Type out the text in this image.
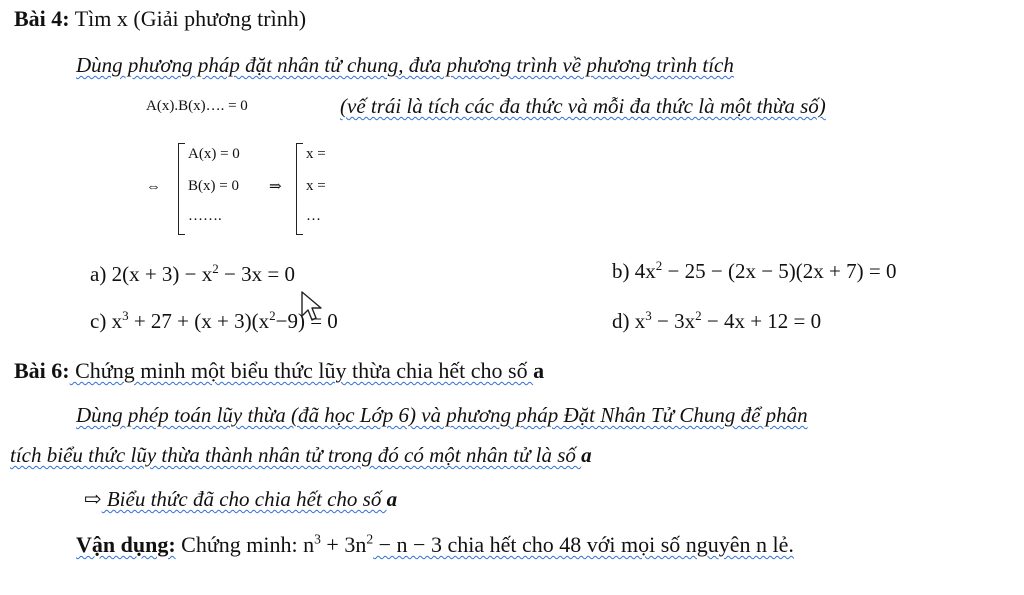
Bài 4: Tìm x (Giải phương trình)
Dùng phương pháp đặt nhân tử chung, đưa phương trình về phương trình tích
A(x).B(x)…. = 0	(vế trái là tích các đa thức và mỗi đa thức là một thừa số)
⇔
A(x) = 0
B(x) = 0
…….
⇒
x =
x =
…
a) $2(x + 3) - x^2 - 3x = 0$	b) $4x^2 - 25 - (2x - 5)(2x + 7) = 0$
c) $x^3 + 27 + (x + 3)(x^2-9) = 0$	d) $x^3 - 3x^2 - 4x + 12 = 0$
Bài 6: Chứng minh một biểu thức lũy thừa chia hết cho số a
Dùng phép toán lũy thừa (đã học Lớp 6) và phương pháp Đặt Nhân Tử Chung để phân
tích biểu thức lũy thừa thành nhân tử trong đó có một nhân tử là số a
⇨ Biểu thức đã cho chia hết cho số a
Vận dụng: Chứng minh: $n^3 + 3n^2 - n - 3$ chia hết cho 48 với mọi số nguyên n lẻ.
